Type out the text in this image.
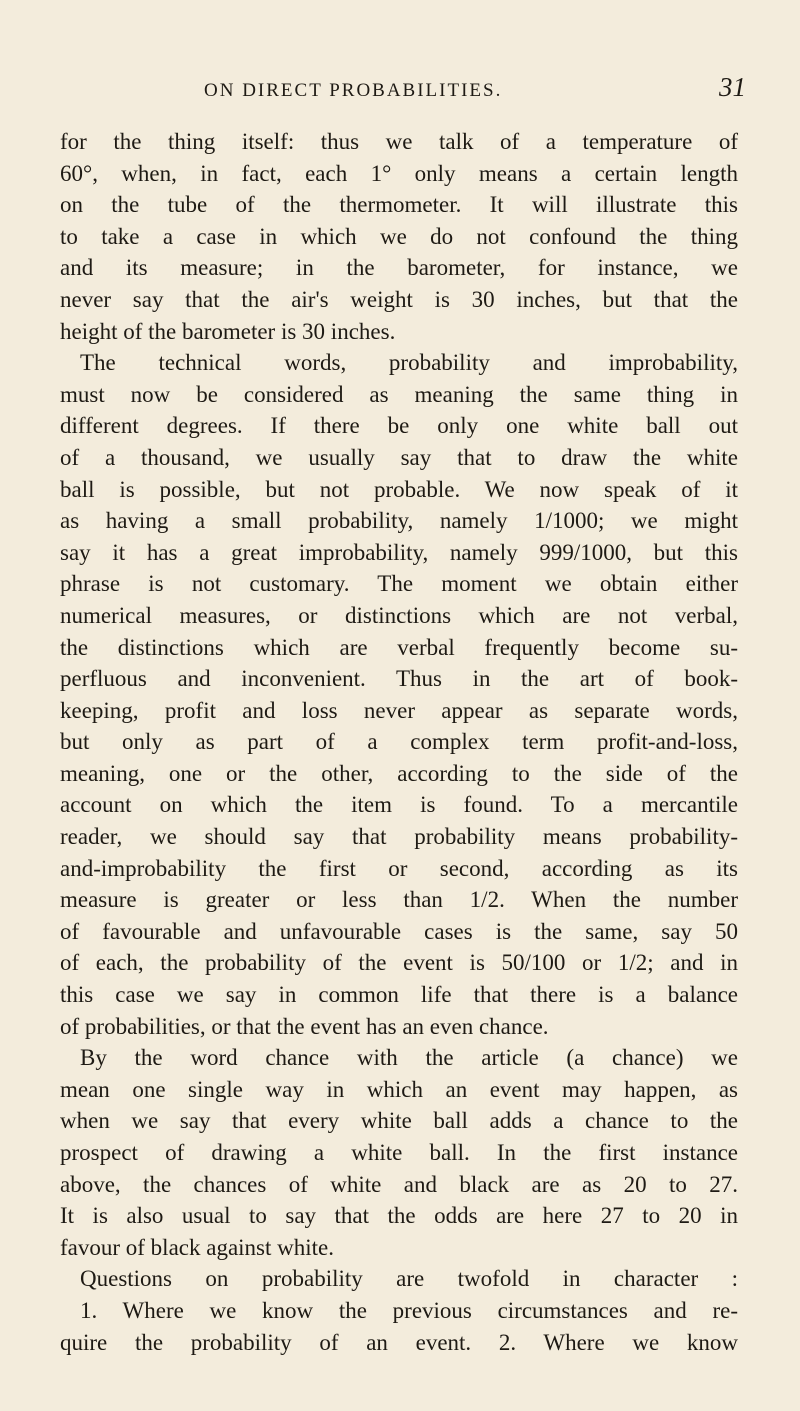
ON DIRECT PROBABILITIES.	31
for the thing itself: thus we talk of a temperature of
60°, when, in fact, each 1° only means a certain length
on the tube of the thermometer. It will illustrate this
to take a case in which we do not confound the thing
and its measure; in the barometer, for instance, we
never say that the air's weight is 30 inches, but that the
height of the barometer is 30 inches.
The technical words, probability and improbability,
must now be considered as meaning the same thing in
different degrees. If there be only one white ball out
of a thousand, we usually say that to draw the white
ball is possible, but not probable. We now speak of it
as having a small probability, namely 1/1000; we might
say it has a great improbability, namely 999/1000, but this
phrase is not customary. The moment we obtain either
numerical measures, or distinctions which are not verbal,
the distinctions which are verbal frequently become su-
perfluous and inconvenient. Thus in the art of book-
keeping, profit and loss never appear as separate words,
but only as part of a complex term profit-and-loss,
meaning, one or the other, according to the side of the
account on which the item is found. To a mercantile
reader, we should say that probability means probability-
and-improbability the first or second, according as its
measure is greater or less than 1/2. When the number
of favourable and unfavourable cases is the same, say 50
of each, the probability of the event is 50/100 or 1/2; and in
this case we say in common life that there is a balance
of probabilities, or that the event has an even chance.
By the word chance with the article (a chance) we
mean one single way in which an event may happen, as
when we say that every white ball adds a chance to the
prospect of drawing a white ball. In the first instance
above, the chances of white and black are as 20 to 27.
It is also usual to say that the odds are here 27 to 20 in
favour of black against white.
Questions on probability are twofold in character :
1. Where we know the previous circumstances and re-
quire the probability of an event. 2. Where we know
